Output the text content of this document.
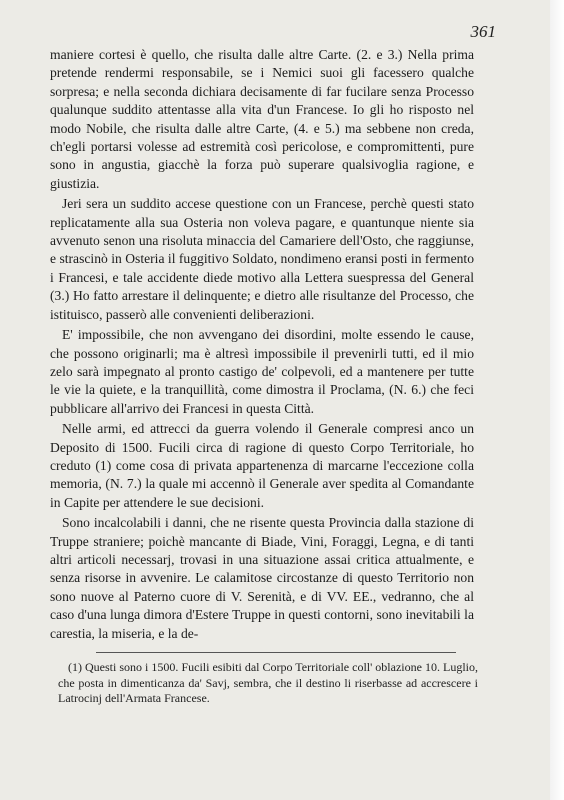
361

maniere cortesi è quello, che risulta dalle altre Carte. (2. e 3.) Nella prima pretende rendermi responsabile, se i Nemici suoi gli facessero qualche sorpresa; e nella seconda dichiara decisamente di far fucilare senza Processo qualunque suddito attentasse alla vita d'un Francese. Io gli ho risposto nel modo Nobile, che risulta dalle altre Carte, (4. e 5.) ma sebbene non creda, ch'egli portarsi volesse ad estremità così pericolose, e compromittenti, pure sono in angustia, giacchè la forza può superare qualsivoglia ragione, e giustizia.

Jeri sera un suddito accese questione con un Francese, perchè questi stato replicatamente alla sua Osteria non voleva pagare, e quantunque niente sia avvenuto senon una risoluta minaccia del Camariere dell'Osto, che raggiunse, e strascinò in Osteria il fuggitivo Soldato, nondimeno eransi posti in fermento i Francesi, e tale accidente diede motivo alla Lettera suespressa del General (3.) Ho fatto arrestare il delinquente; e dietro alle risultanze del Processo, che istituisco, passerò alle convenienti deliberazioni.

E' impossibile, che non avvengano dei disordini, molte essendo le cause, che possono originarli; ma è altresì impossibile il prevenirli tutti, ed il mio zelo sarà impegnato al pronto castigo de' colpevoli, ed a mantenere per tutte le vie la quiete, e la tranquillità, come dimostra il Proclama, (N. 6.) che feci pubblicare all'arrivo dei Francesi in questa Città.

Nelle armi, ed attrecci da guerra volendo il Generale compresi anco un Deposito di 1500. Fucili circa di ragione di questo Corpo Territoriale, ho creduto (1) come cosa di privata appartenenza di marcarne l'eccezione colla memoria, (N. 7.) la quale mi accennò il Generale aver spedita al Comandante in Capite per attendere le sue decisioni.

Sono incalcolabili i danni, che ne risente questa Provincia dalla stazione di Truppe straniere; poichè mancante di Biade, Vini, Foraggi, Legna, e di tanti altri articoli necessarj, trovasi in una situazione assai critica attualmente, e senza risorse in avvenire. Le calamitose circostanze di questo Territorio non sono nuove al Paterno cuore di V. Serenità, e di VV. EE., vedranno, che al caso d'una lunga dimora d'Estere Truppe in questi contorni, sono inevitabili la carestia, la miseria, e la de-

(1) Questi sono i 1500. Fucili esibiti dal Corpo Territoriale coll' oblazione 10. Luglio, che posta in dimenticanza da' Savj, sembra, che il destino li riserbasse ad accrescere i Latrocinj dell'Armata Francese.
